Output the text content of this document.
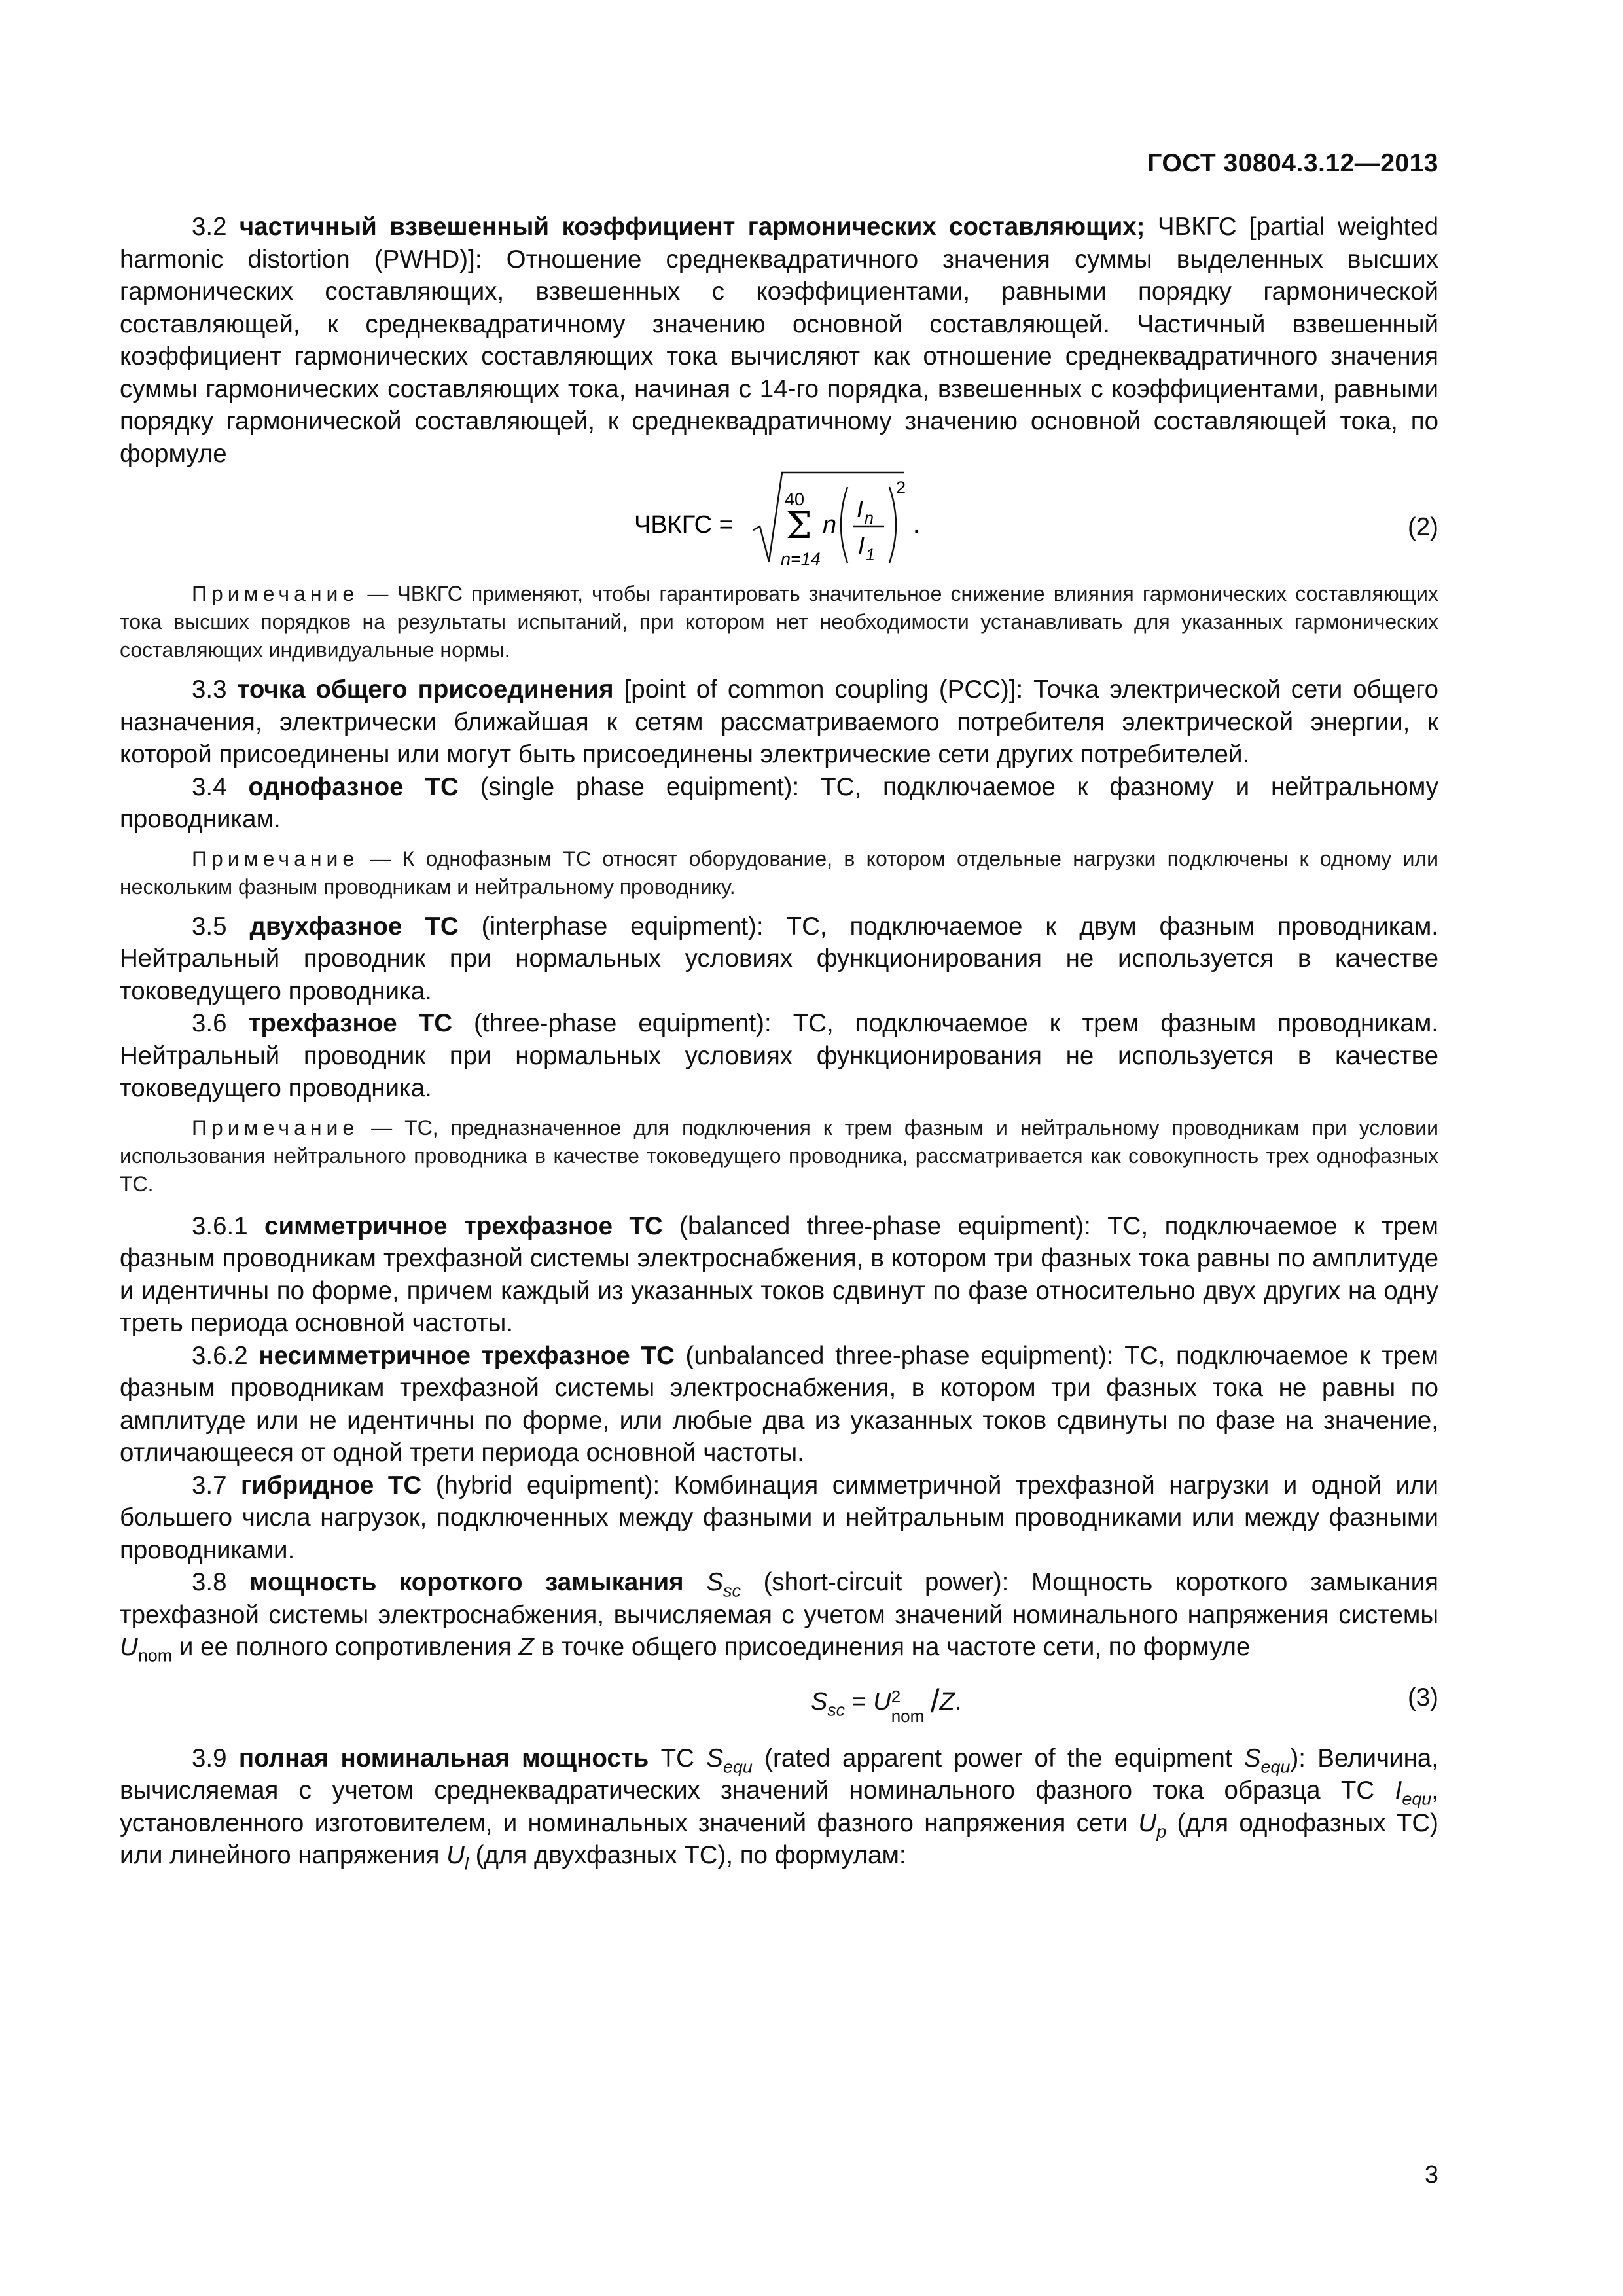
ГОСТ 30804.3.12—2013

3.2 частичный взвешенный коэффициент гармонических составляющих; ЧВКГС [partial weighted harmonic distortion (PWHD)]: Отношение среднеквадратичного значения суммы выделенных высших гармонических составляющих, взвешенных с коэффициентами, равными порядку гармонической составляющей, к среднеквадратичному значению основной составляющей. Частичный взвешенный коэффициент гармонических составляющих тока вычисляют как отношение среднеквадратичного значения суммы гармонических составляющих тока, начиная с 14-го порядка, взвешенных с коэффициентами, равными порядку гармонической составляющей, к среднеквадратичному значению основной составляющей тока, по формуле

ЧВКГС =
40
Σ
n=14
n
I n
I 1
2
.	(2)

Примечание — ЧВКГС применяют, чтобы гарантировать значительное снижение влияния гармонических составляющих тока высших порядков на результаты испытаний, при котором нет необходимости устанавливать для указанных гармонических составляющих индивидуальные нормы.

3.3 точка общего присоединения [point of common coupling (PCC)]: Точка электрической сети общего назначения, электрически ближайшая к сетям рассматриваемого потребителя электрической энергии, к которой присоединены или могут быть присоединены электрические сети других потребителей.

3.4 однофазное ТС (single phase equipment): ТС, подключаемое к фазному и нейтральному проводникам.

Примечание — К однофазным ТС относят оборудование, в котором отдельные нагрузки подключены к одному или нескольким фазным проводникам и нейтральному проводнику.

3.5 двухфазное ТС (interphase equipment): ТС, подключаемое к двум фазным проводникам. Нейтральный проводник при нормальных условиях функционирования не используется в качестве токоведущего проводника.

3.6 трехфазное ТС (three-phase equipment): ТС, подключаемое к трем фазным проводникам. Нейтральный проводник при нормальных условиях функционирования не используется в качестве токоведущего проводника.

Примечание — ТС, предназначенное для подключения к трем фазным и нейтральному проводникам при условии использования нейтрального проводника в качестве токоведущего проводника, рассматривается как совокупность трех однофазных ТС.

3.6.1 симметричное трехфазное ТС (balanced three-phase equipment): ТС, подключаемое к трем фазным проводникам трехфазной системы электроснабжения, в котором три фазных тока равны по амплитуде и идентичны по форме, причем каждый из указанных токов сдвинут по фазе относительно двух других на одну треть периода основной частоты.

3.6.2 несимметричное трехфазное ТС (unbalanced three-phase equipment): ТС, подключаемое к трем фазным проводникам трехфазной системы электроснабжения, в котором три фазных тока не равны по амплитуде или не идентичны по форме, или любые два из указанных токов сдвинуты по фазе на значение, отличающееся от одной трети периода основной частоты.

3.7 гибридное ТС (hybrid equipment): Комбинация симметричной трехфазной нагрузки и одной или большего числа нагрузок, подключенных между фазными и нейтральным проводниками или между фазными проводниками.

3.8 мощность короткого замыкания $S_{sc}$ (short-circuit power): Мощность короткого замыкания трехфазной системы электроснабжения, вычисляемая с учетом значений номинального напряжения системы $U_{nom}$ и ее полного сопротивления Z в точке общего присоединения на частоте сети, по формуле

$S_{sc} = U$ 2
nom /Z.	(3)

3.9 полная номинальная мощность ТС $S_{equ}$ (rated apparent power of the equipment $S_{equ}$): Величина, вычисляемая с учетом среднеквадратических значений номинального фазного тока образца ТС $I_{equ}$, установленного изготовителем, и номинальных значений фазного напряжения сети $U_p$ (для однофазных ТС) или линейного напряжения $U_l$ (для двухфазных ТС), по формулам:

3
